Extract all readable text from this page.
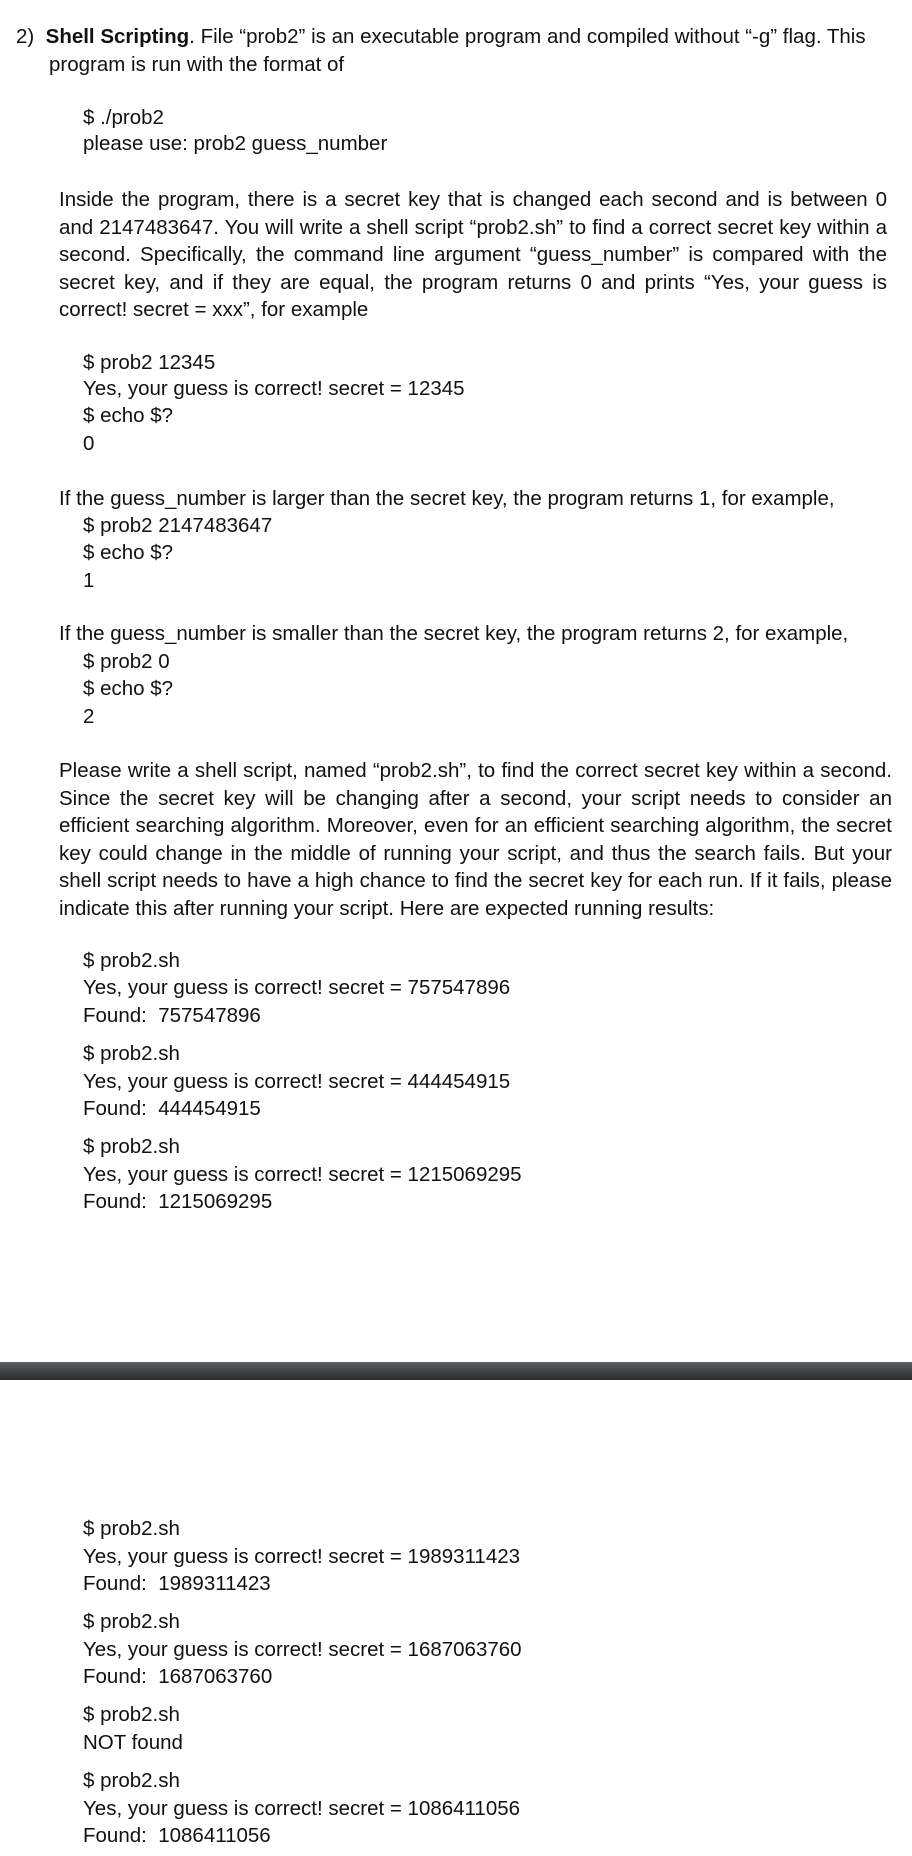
2) Shell Scripting. File “prob2” is an executable program and compiled without “-g” flag. This
program is run with the format of
$ ./prob2
please use: prob2 guess_number

Inside the program, there is a secret key that is changed each second and is between 0 and 2147483647. You will write a shell script “prob2.sh” to find a correct secret key within a second. Specifically, the command line argument “guess_number” is compared with the secret key, and if they are equal, the program returns 0 and prints “Yes, your guess is correct! secret = xxx”, for example

$ prob2 12345
Yes, your guess is correct! secret = 12345
$ echo $?
0
If the guess_number is larger than the secret key, the program returns 1, for example,
$ prob2 2147483647
$ echo $?
1
If the guess_number is smaller than the secret key, the program returns 2, for example,
$ prob2 0
$ echo $?
2

Please write a shell script, named “prob2.sh”, to find the correct secret key within a second. Since the secret key will be changing after a second, your script needs to consider an efficient searching algorithm. Moreover, even for an efficient searching algorithm, the secret key could change in the middle of running your script, and thus the search fails. But your shell script needs to have a high chance to find the secret key for each run. If it fails, please indicate this after running your script. Here are expected running results:

$ prob2.sh
Yes, your guess is correct! secret = 757547896
Found:  757547896
$ prob2.sh
Yes, your guess is correct! secret = 444454915
Found:  444454915
$ prob2.sh
Yes, your guess is correct! secret = 1215069295
Found:  1215069295
$ prob2.sh
Yes, your guess is correct! secret = 1989311423
Found:  1989311423
$ prob2.sh
Yes, your guess is correct! secret = 1687063760
Found:  1687063760
$ prob2.sh
NOT found
$ prob2.sh
Yes, your guess is correct! secret = 1086411056
Found:  1086411056
